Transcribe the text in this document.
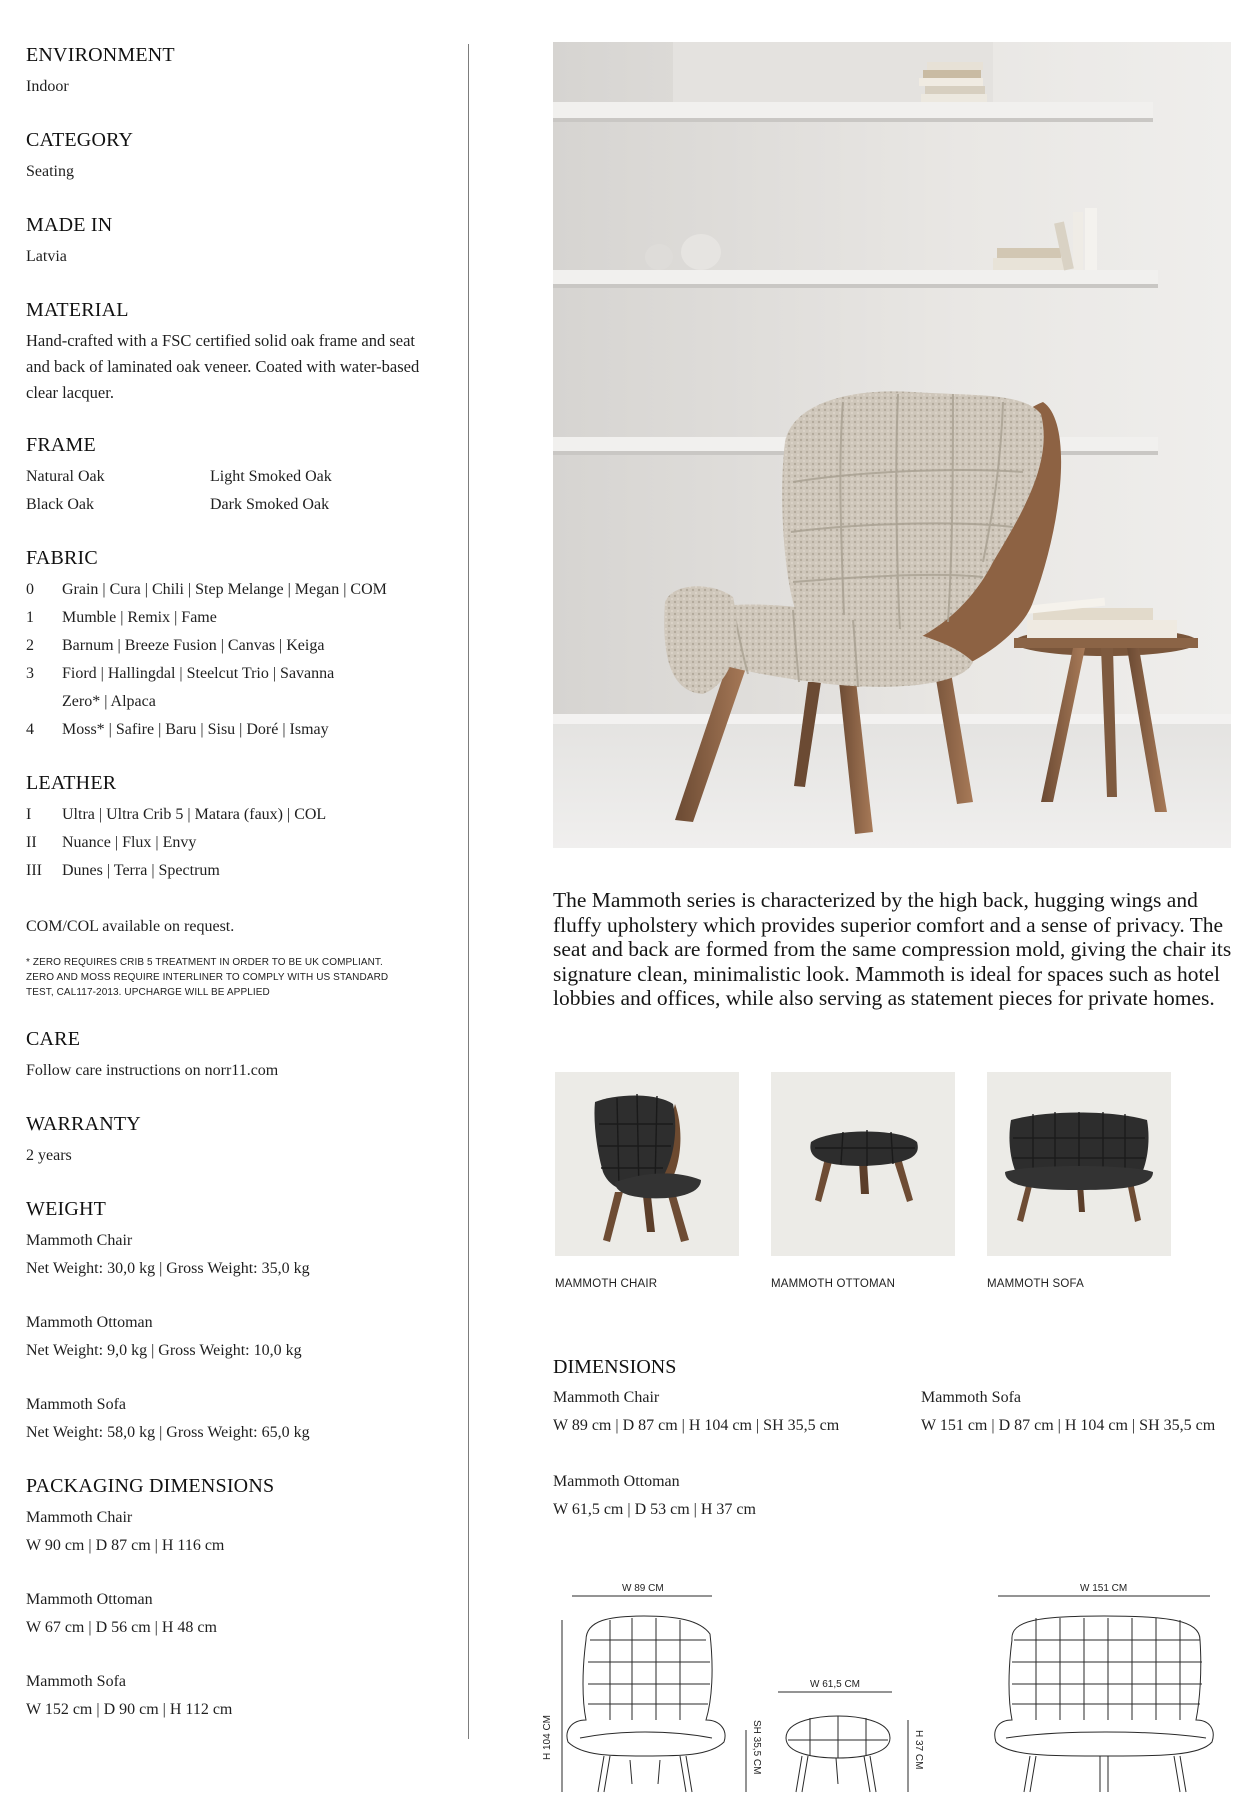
ENVIRONMENT

Indoor

CATEGORY

Seating

MADE IN

Latvia

MATERIAL

Hand-crafted with a FSC certified solid oak frame and seat and back of laminated oak veneer. Coated with water-based clear lacquer.

FRAME

Natural Oak	Light Smoked Oak
Black Oak	Dark Smoked Oak

FABRIC

0	Grain | Cura | Chili | Step Melange | Megan | COM
1	Mumble | Remix | Fame
2	Barnum | Breeze Fusion | Canvas | Keiga
3	Fiord | Hallingdal | Steelcut Trio | Savanna
Zero* | Alpaca
4	Moss* | Safire | Baru | Sisu | Doré | Ismay

LEATHER

I	Ultra | Ultra Crib 5 | Matara (faux) | COL
II	Nuance | Flux | Envy
III	Dunes | Terra | Spectrum

COM/COL available on request.

* ZERO REQUIRES CRIB 5 TREATMENT IN ORDER TO BE UK COMPLIANT.

ZERO AND MOSS REQUIRE INTERLINER TO COMPLY WITH US STANDARD

TEST, CAL117-2013. UPCHARGE WILL BE APPLIED

CARE

Follow care instructions on norr11.com

WARRANTY

2 years

WEIGHT

Mammoth Chair

Net Weight: 30,0 kg | Gross Weight: 35,0 kg

Mammoth Ottoman

Net Weight: 9,0 kg | Gross Weight: 10,0 kg

Mammoth Sofa

Net Weight: 58,0 kg | Gross Weight: 65,0 kg

PACKAGING DIMENSIONS

Mammoth Chair

W 90 cm | D 87 cm | H 116 cm

Mammoth Ottoman

W 67 cm | D 56 cm | H 48 cm

Mammoth Sofa

W 152 cm | D 90 cm | H 112 cm

The Mammoth series is characterized by the high back, hugging wings and fluffy upholstery which provides superior comfort and a sense of privacy. The seat and back are formed from the same compression mold, giving the chair its signature clean, minimalistic look. Mammoth is ideal for spaces such as hotel lobbies and offices, while also serving as statement pieces for private homes.

MAMMOTH CHAIR	MAMMOTH OTTOMAN	MAMMOTH SOFA

DIMENSIONS

Mammoth Chair
W 89 cm | D 87 cm | H 104 cm | SH 35,5 cm
Mammoth Sofa
W 151 cm | D 87 cm | H 104 cm | SH 35,5 cm
Mammoth Ottoman
W 61,5 cm | D 53 cm | H 37 cm
W 89 CM
H 104 CM	SH 35,5 CM
W 61,5 CM
H 37 CM
W 151 CM
